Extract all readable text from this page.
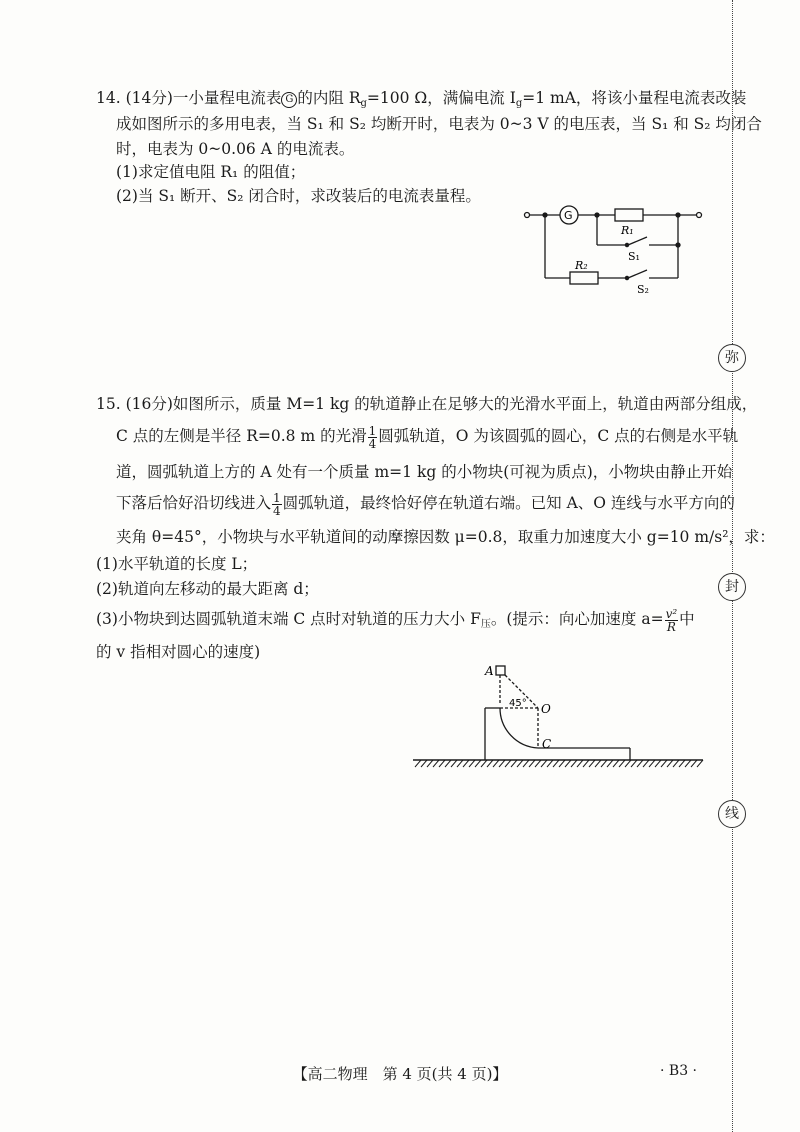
14. (14分)一小量程电流表 G 的内阻 $R_g=100$ Ω，满偏电流 $I_g=1$ mA，将该小量程电流表改装
成如图所示的多用电表，当 S₁ 和 S₂ 均断开时，电表为 0~3 V 的电压表，当 S₁ 和 S₂ 均闭合
时，电表为 0~0.06 A 的电流表。
(1)求定值电阻 R₁ 的阻值；
(2)当 S₁ 断开、S₂ 闭合时，求改装后的电流表量程。
G
R₁
R₂
S₁
S₂
15. (16分)如图所示，质量 M=1 kg 的轨道静止在足够大的光滑水平面上，轨道由两部分组成，
C 点的左侧是半径 R=0.8 m 的光滑 $\frac{1}{4}$ 圆弧轨道，O 为该圆弧的圆心，C 点的右侧是水平轨
道，圆弧轨道上方的 A 处有一个质量 m=1 kg 的小物块(可视为质点)，小物块由静止开始
下落后恰好沿切线进入 $\frac{1}{4}$ 圆弧轨道，最终恰好停在轨道右端。已知 A、O 连线与水平方向的
夹角 θ=45°，小物块与水平轨道间的动摩擦因数 μ=0.8，取重力加速度大小 g=10 m/s²，求：
(1)水平轨道的长度 L；
(2)轨道向左移动的最大距离 d；
(3)小物块到达圆弧轨道末端 C 点时对轨道的压力大小 $F_压$。(提示：向心加速度 $a= \frac{\text{v²}}{R}$ 中
的 v 指相对圆心的速度)
A
O
C
45°
弥
封
线
【高二物理　第 4 页(共 4 页)】	· B3 ·
